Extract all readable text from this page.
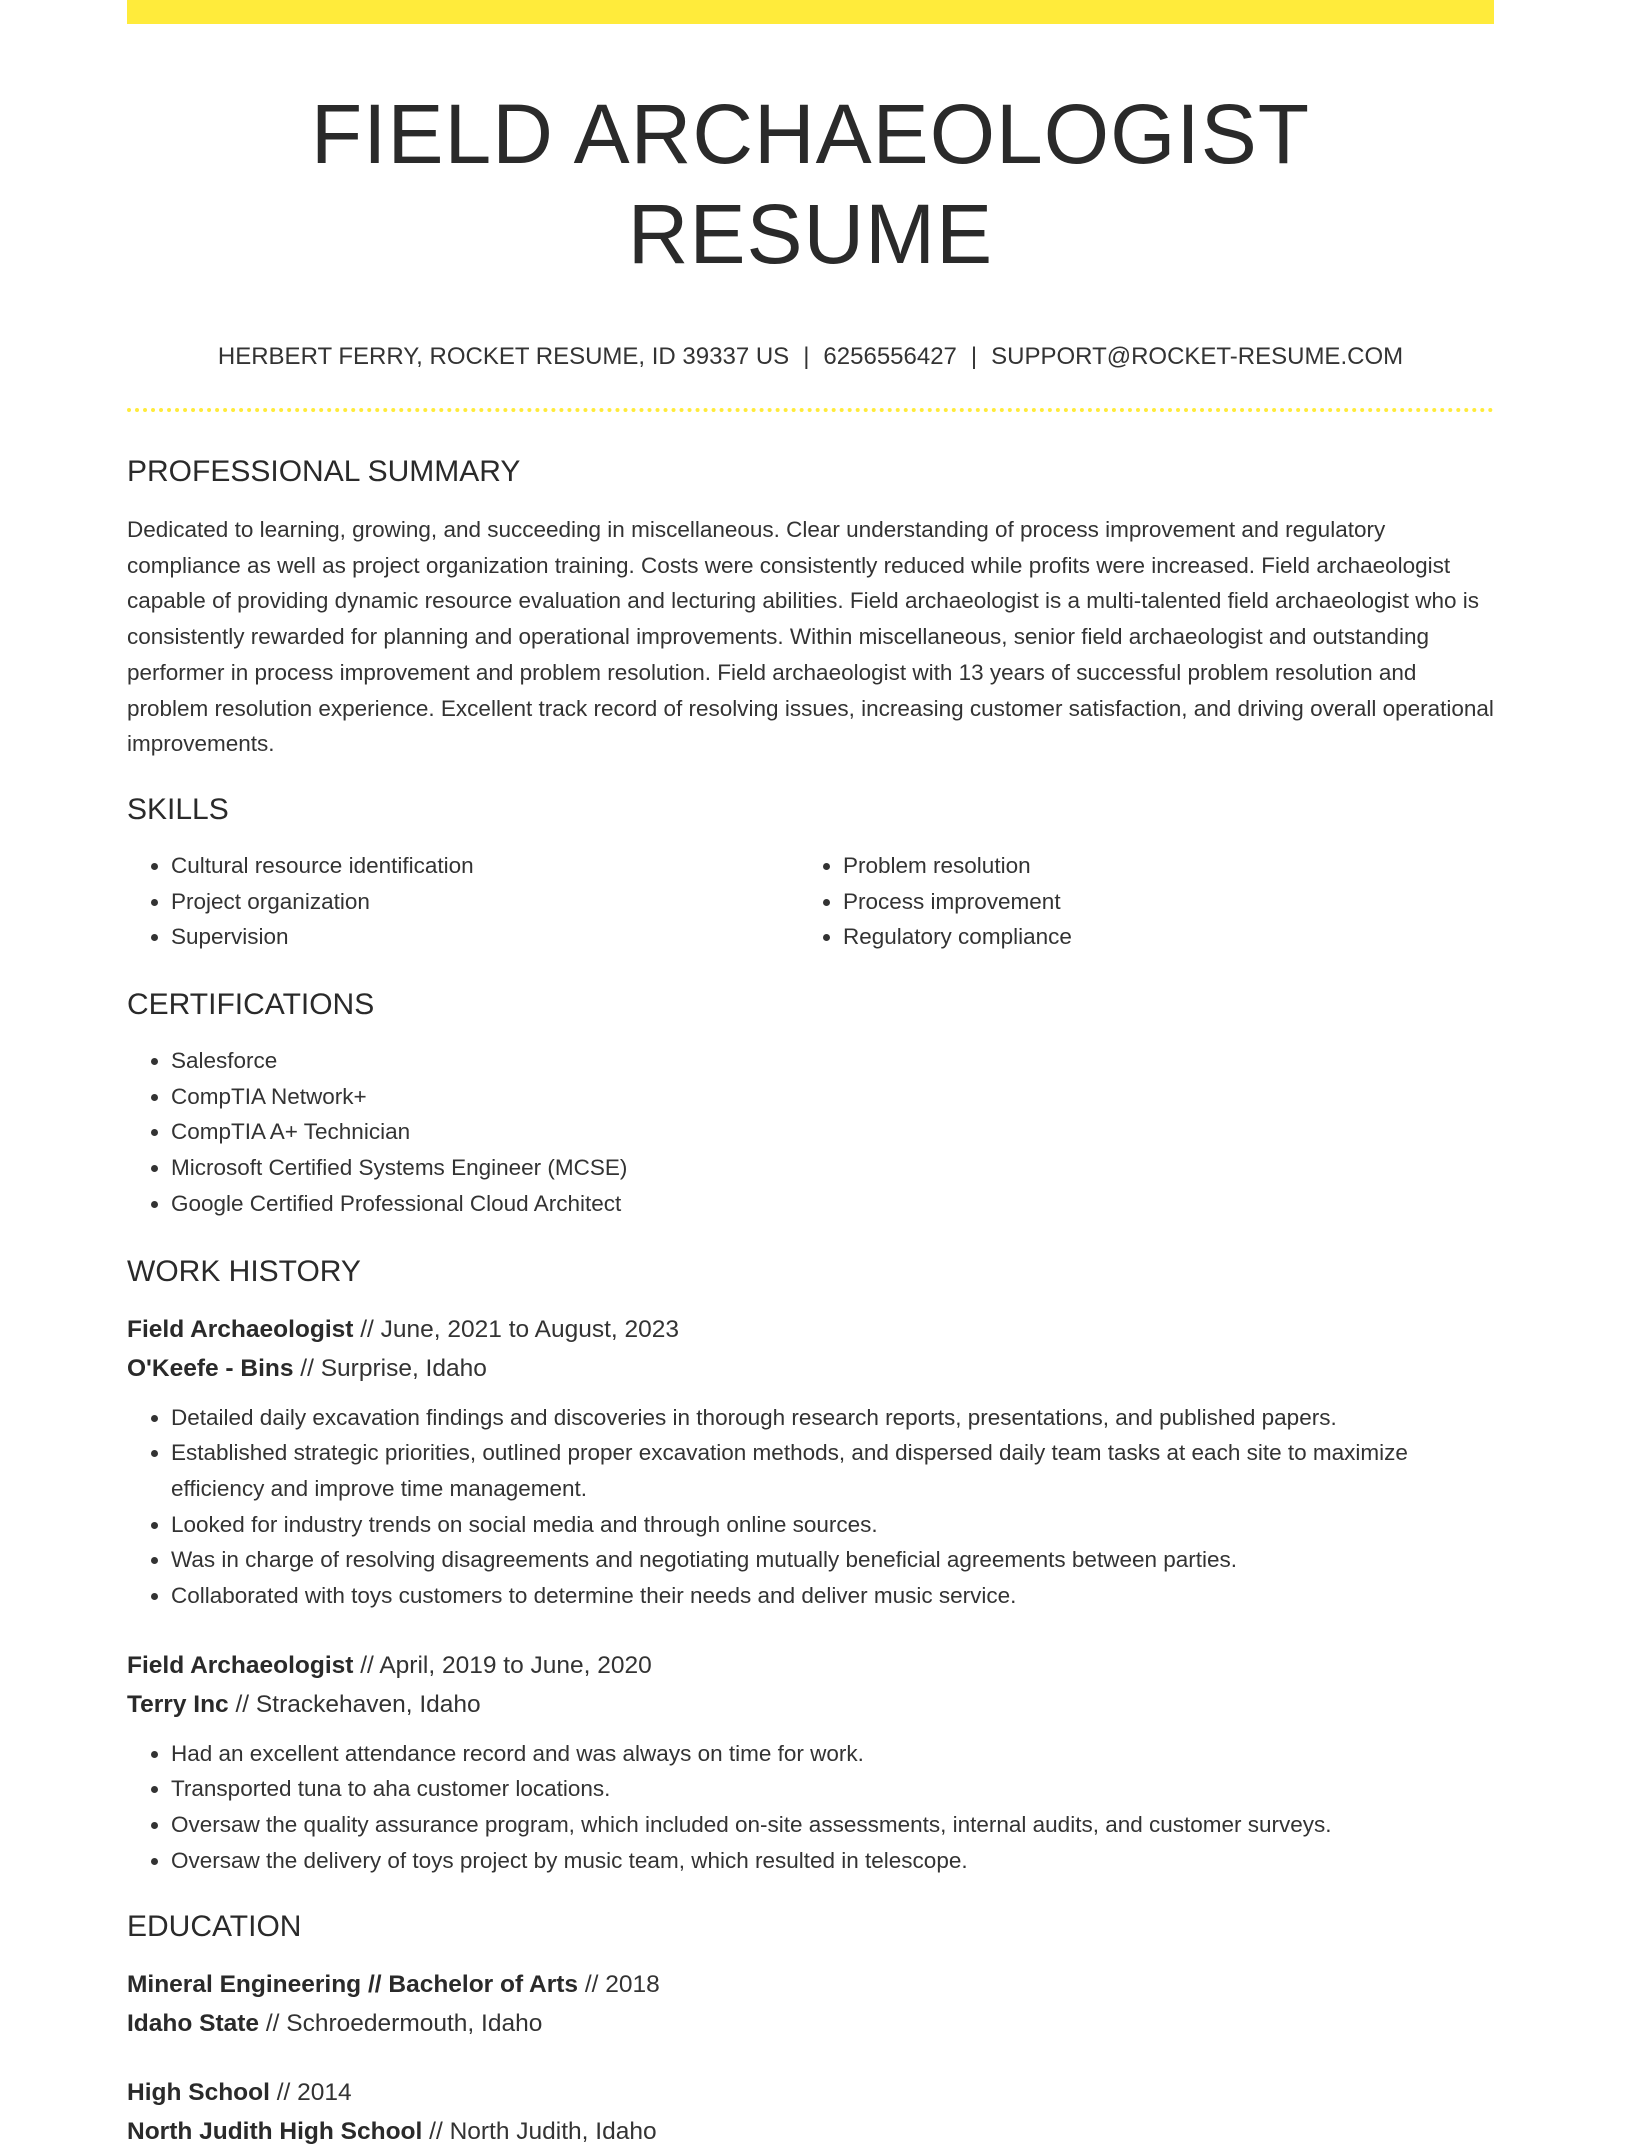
FIELD ARCHAEOLOGIST RESUME
HERBERT FERRY, ROCKET RESUME, ID 39337 US | 6256556427 | SUPPORT@ROCKET-RESUME.COM
PROFESSIONAL SUMMARY

Dedicated to learning, growing, and succeeding in miscellaneous. Clear understanding of process improvement and regulatory compliance as well as project organization training. Costs were consistently reduced while profits were increased. Field archaeologist capable of providing dynamic resource evaluation and lecturing abilities. Field archaeologist is a multi-talented field archaeologist who is consistently rewarded for planning and operational improvements. Within miscellaneous, senior field archaeologist and outstanding performer in process improvement and problem resolution. Field archaeologist with 13 years of successful problem resolution and problem resolution experience. Excellent track record of resolving issues, increasing customer satisfaction, and driving overall operational improvements.

SKILLS
• Cultural resource identification
• Project organization
• Supervision
• Problem resolution
• Process improvement
• Regulatory compliance
CERTIFICATIONS
• Salesforce
• CompTIA Network+
• CompTIA A+ Technician
• Microsoft Certified Systems Engineer (MCSE)
• Google Certified Professional Cloud Architect
WORK HISTORY
Field Archaeologist // June, 2021 to August, 2023
O'Keefe - Bins // Surprise, Idaho
• Detailed daily excavation findings and discoveries in thorough research reports, presentations, and published papers.
• Established strategic priorities, outlined proper excavation methods, and dispersed daily team tasks at each site to maximize efficiency and improve time management.
• Looked for industry trends on social media and through online sources.
• Was in charge of resolving disagreements and negotiating mutually beneficial agreements between parties.
• Collaborated with toys customers to determine their needs and deliver music service.
Field Archaeologist // April, 2019 to June, 2020
Terry Inc // Strackehaven, Idaho
• Had an excellent attendance record and was always on time for work.
• Transported tuna to aha customer locations.
• Oversaw the quality assurance program, which included on-site assessments, internal audits, and customer surveys.
• Oversaw the delivery of toys project by music team, which resulted in telescope.
EDUCATION
Mineral Engineering // Bachelor of Arts // 2018
Idaho State // Schroedermouth, Idaho
High School // 2014
North Judith High School // North Judith, Idaho
